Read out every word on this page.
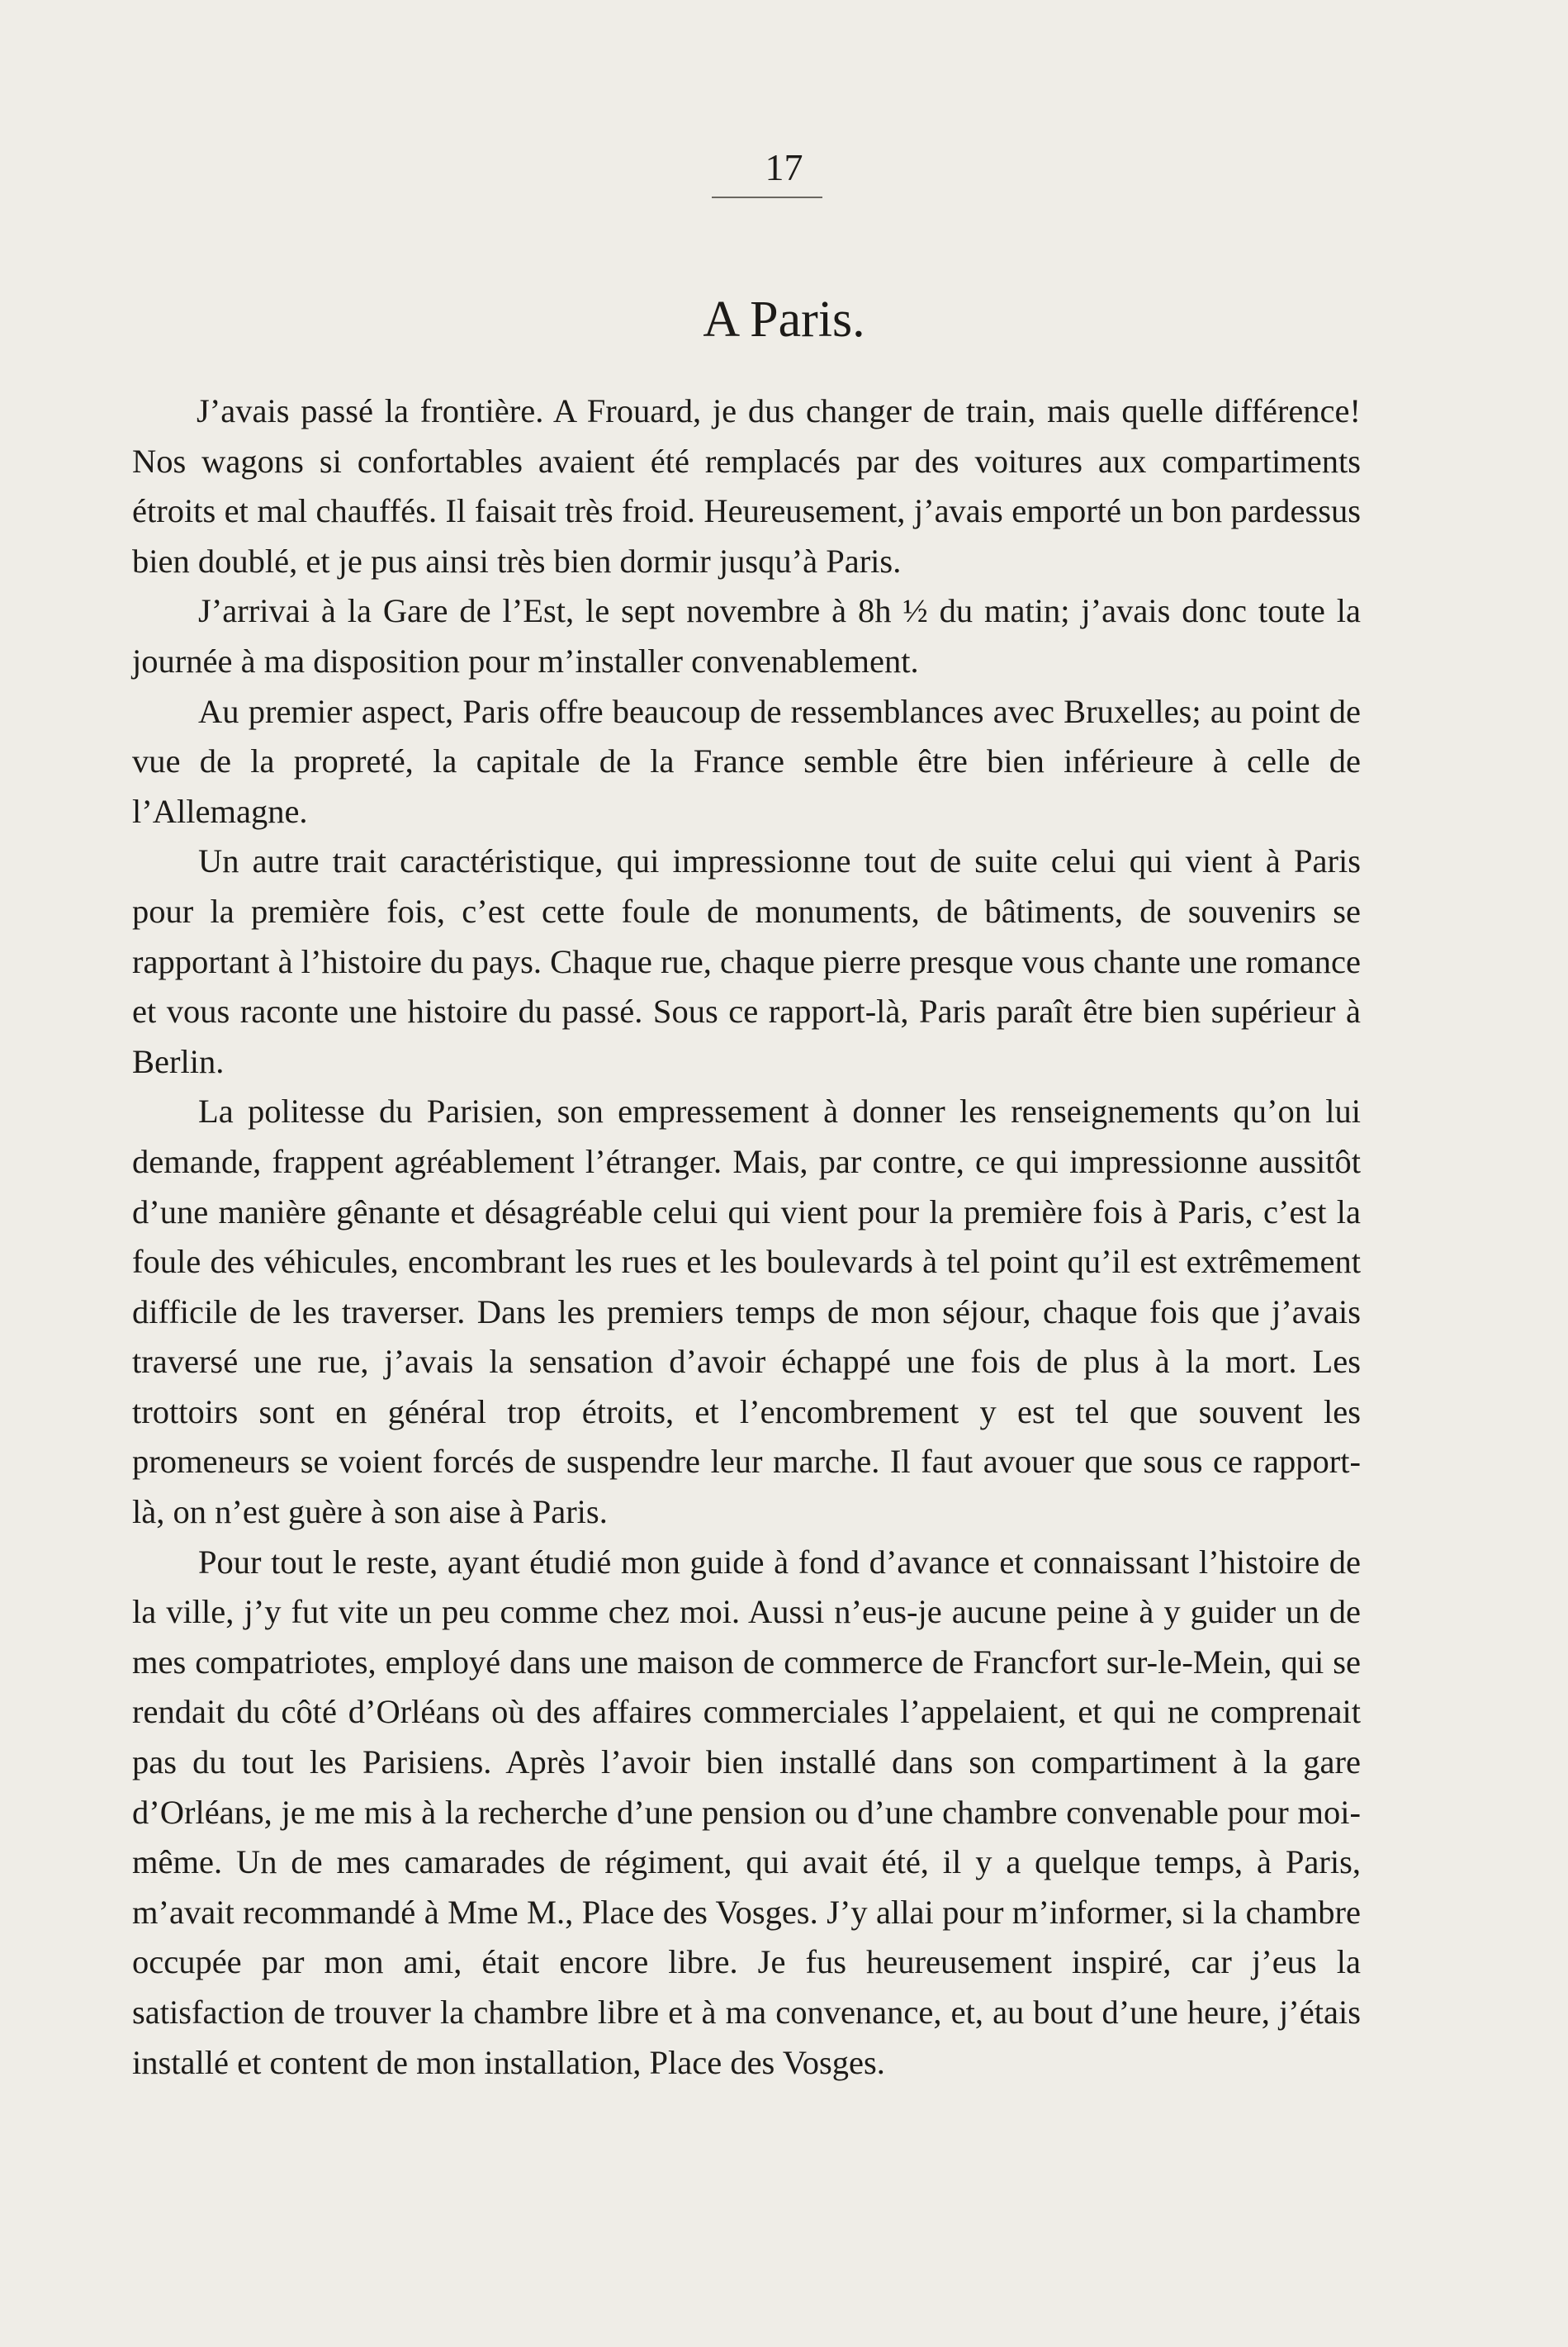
17
A Paris.

J’avais passé la frontière. A Frouard, je dus changer de train, mais quelle différence! Nos wagons si confortables avaient été remplacés par des voitures aux compartiments étroits et mal chauffés. Il faisait très froid. Heureusement, j’avais emporté un bon pardessus bien doublé, et je pus ainsi très bien dormir jusqu’à Paris.

J’arrivai à la Gare de l’Est, le sept novembre à 8h ½ du matin; j’avais donc toute la journée à ma disposition pour m’installer convenablement.

Au premier aspect, Paris offre beaucoup de ressemblances avec Bruxelles; au point de vue de la propreté, la capitale de la France semble être bien inférieure à celle de l’Allemagne.

Un autre trait caractéristique, qui impressionne tout de suite celui qui vient à Paris pour la première fois, c’est cette foule de monuments, de bâtiments, de souvenirs se rapportant à l’histoire du pays. Chaque rue, chaque pierre presque vous chante une romance et vous raconte une histoire du passé. Sous ce rapport-là, Paris paraît être bien supérieur à Berlin.

La politesse du Parisien, son empressement à donner les renseignements qu’on lui demande, frappent agréablement l’étranger. Mais, par contre, ce qui impressionne aussitôt d’une manière gênante et désagréable celui qui vient pour la première fois à Paris, c’est la foule des véhicules, encombrant les rues et les boulevards à tel point qu’il est extrêmement difficile de les traverser. Dans les premiers temps de mon séjour, chaque fois que j’avais traversé une rue, j’avais la sensation d’avoir échappé une fois de plus à la mort. Les trottoirs sont en général trop étroits, et l’encombrement y est tel que souvent les promeneurs se voient forcés de suspendre leur marche. Il faut avouer que sous ce rapport-là, on n’est guère à son aise à Paris.

Pour tout le reste, ayant étudié mon guide à fond d’avance et connaissant l’histoire de la ville, j’y fut vite un peu comme chez moi. Aussi n’eus-je aucune peine à y guider un de mes compatriotes, employé dans une maison de commerce de Francfort sur-le-Mein, qui se rendait du côté d’Orléans où des affaires commerciales l’appelaient, et qui ne comprenait pas du tout les Parisiens. Après l’avoir bien installé dans son compartiment à la gare d’Orléans, je me mis à la recherche d’une pension ou d’une chambre convenable pour moi-même. Un de mes camarades de régiment, qui avait été, il y a quelque temps, à Paris, m’avait recommandé à Mme M., Place des Vosges. J’y allai pour m’informer, si la chambre occupée par mon ami, était encore libre. Je fus heureusement inspiré, car j’eus la satisfaction de trouver la chambre libre et à ma convenance, et, au bout d’une heure, j’étais installé et content de mon installation, Place des Vosges.
